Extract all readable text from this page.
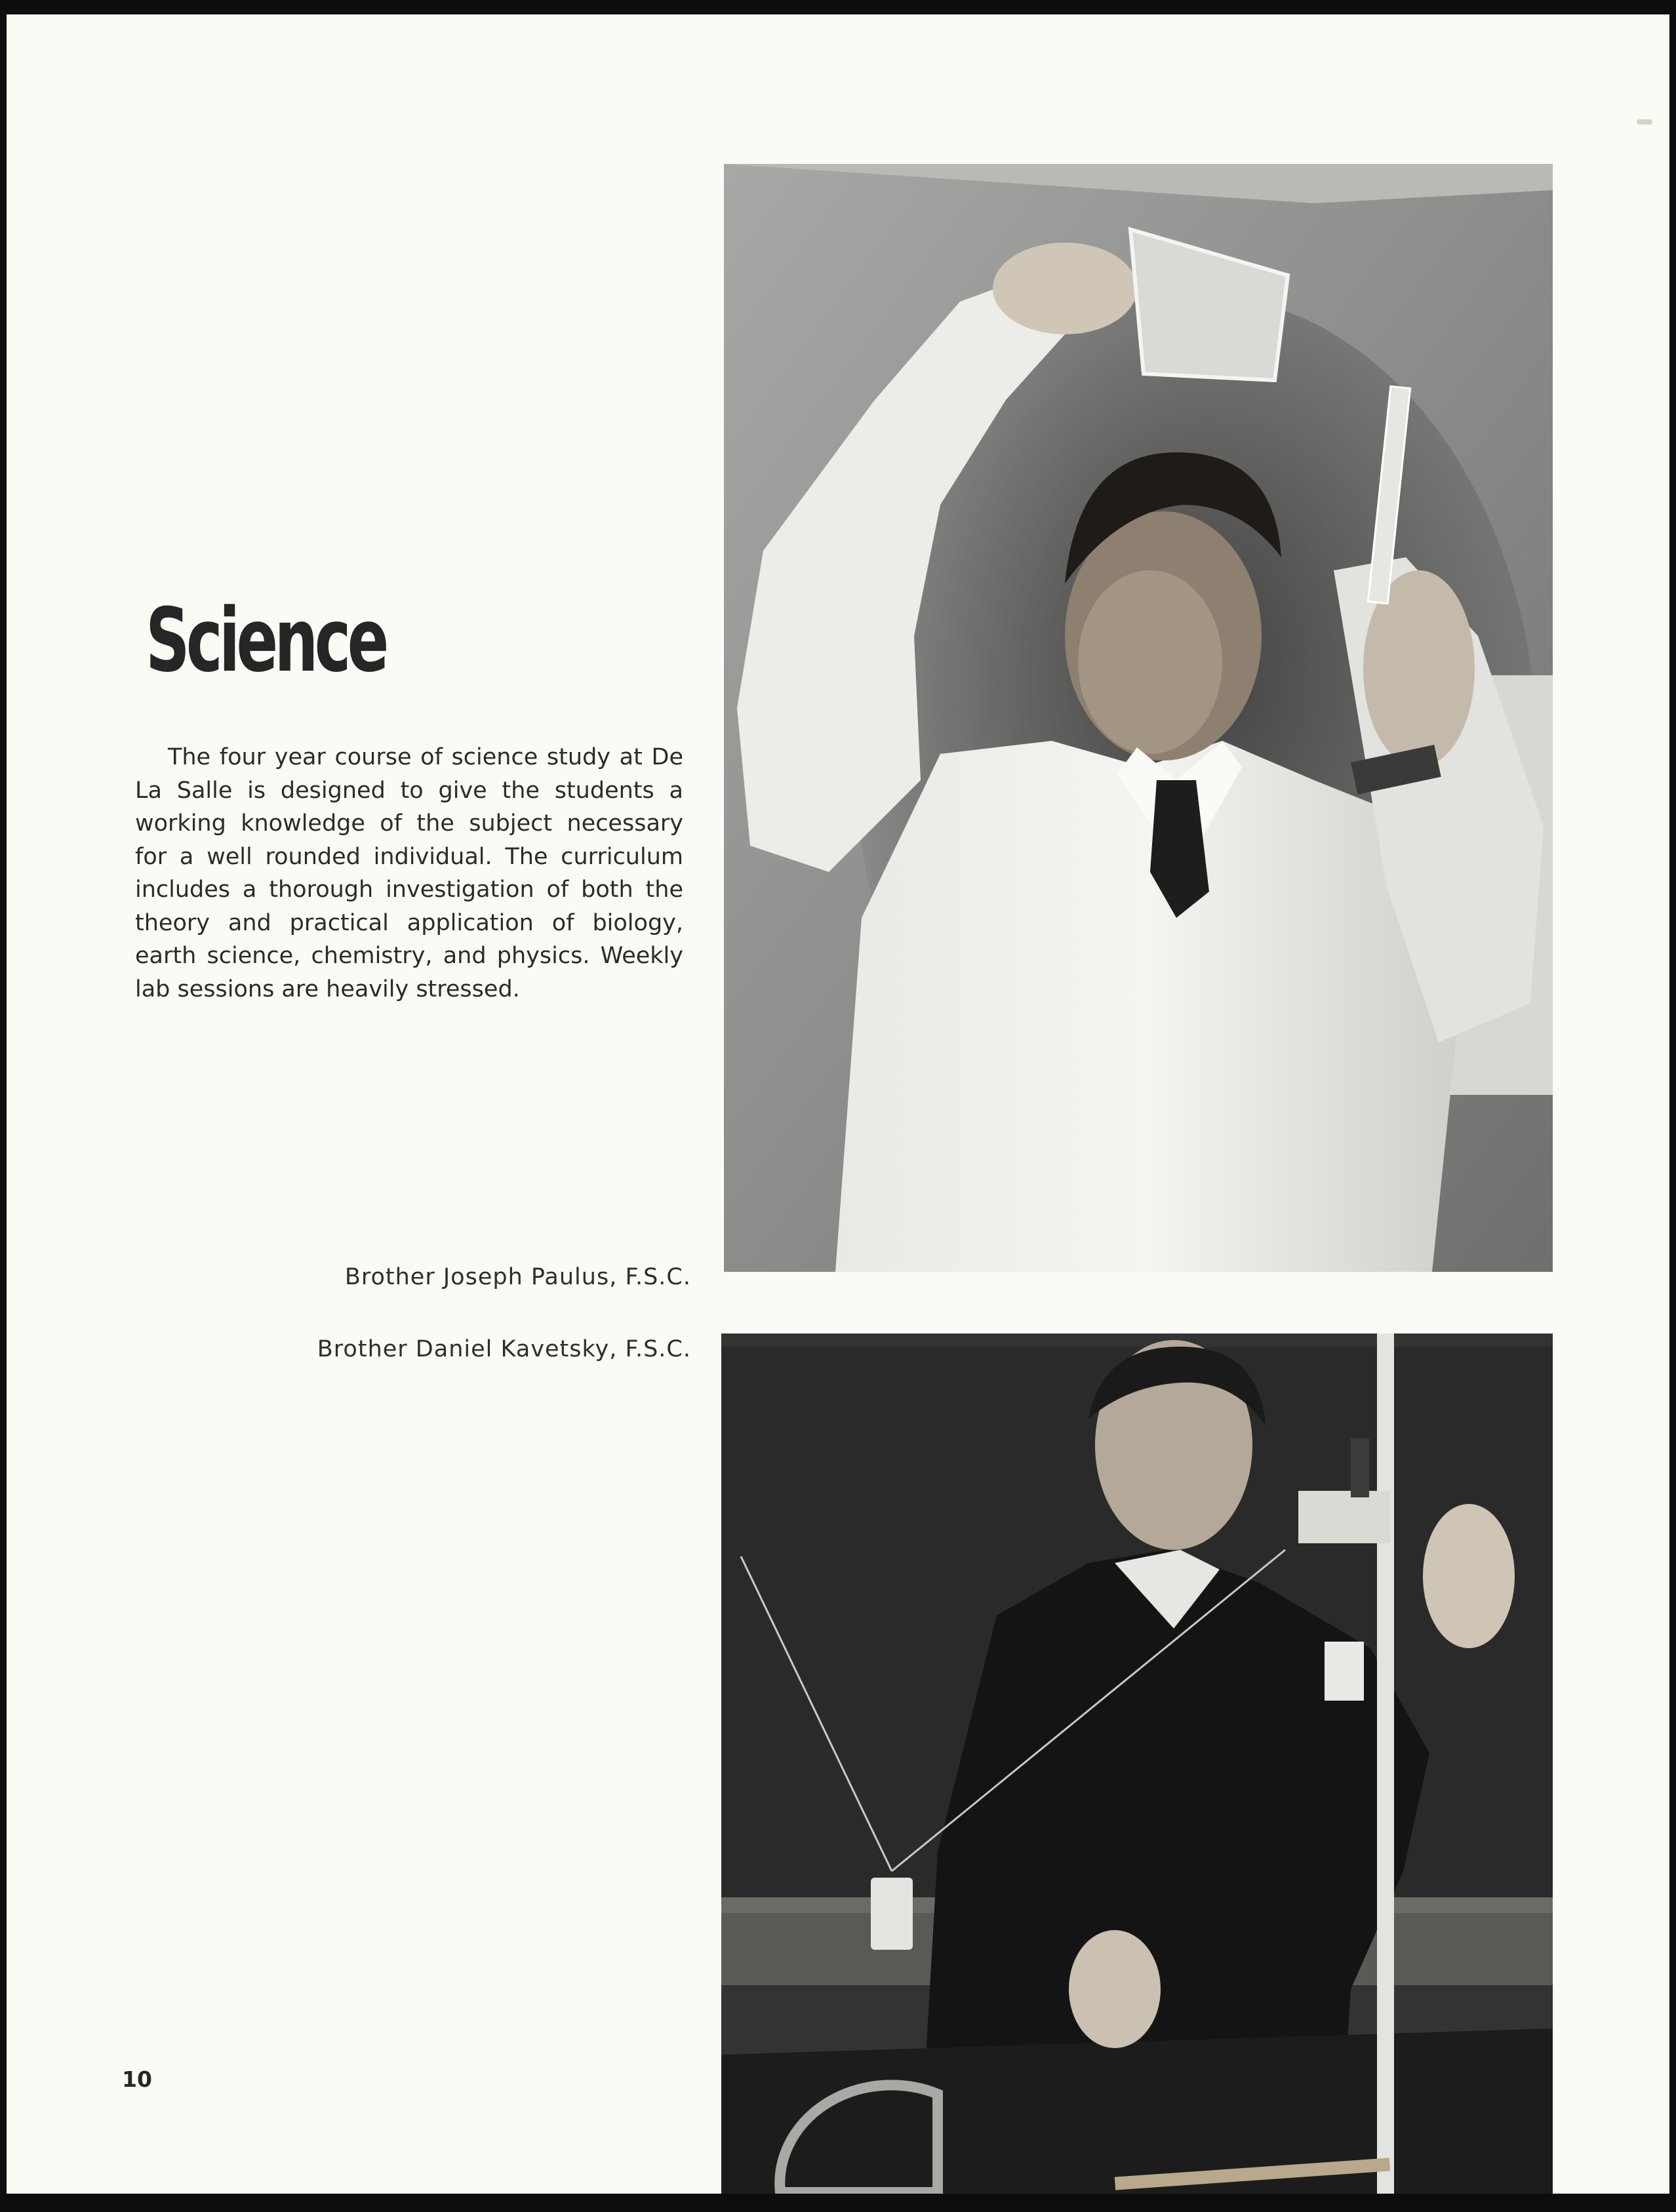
Science

The four year course of science study at De La Salle is designed to give the students a working knowledge of the subject necessary for a well rounded individual. The curriculum includes a thorough investigation of both the theory and practical application of biology, earth science, chemistry, and physics. Weekly lab sessions are heavily stressed.

Brother Joseph Paulus, F.S.C.
Brother Daniel Kavetsky, F.S.C.
10
